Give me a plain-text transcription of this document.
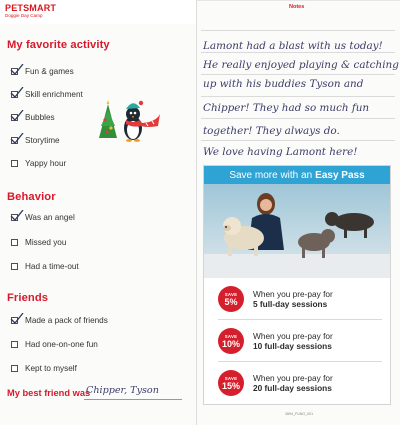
PETSMART
Doggie Day Camp
My favorite activity
Fun & games
Skill enrichment
Bubbles
Storytime
Yappy hour
Behavior
Was an angel
Missed you
Had a time-out
Friends
Made a pack of friends
Had one-on-one fun
Kept to myself
My best friend was
Chipper, Tyson
Notes
Lamont had a blast with us today!
He really enjoyed playing & catching
up with his buddies Tyson and
Chipper! They had so much fun
together! They always do.
We love having Lamont here!
Save more with an Easy Pass
SAVE
5%
When you pre-pay for
5 full-day sessions
SAVE
10%
When you pre-pay for
10 full-day sessions
SAVE
15%
When you pre-pay for
20 full-day sessions
3894_FUNG_001
